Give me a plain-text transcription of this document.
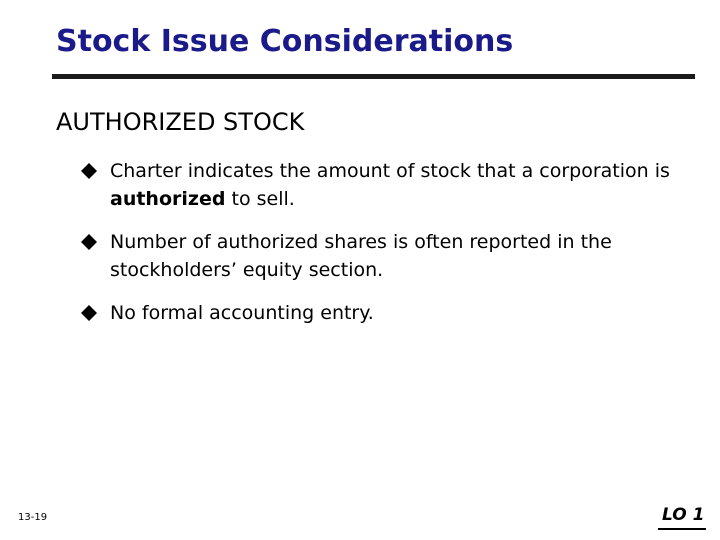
Stock Issue Considerations
AUTHORIZED STOCK
Charter indicates the amount of stock that a corporation is authorized to sell.
Number of authorized shares is often reported in the stockholders’ equity section.
No formal accounting entry.
13-19	LO 1
